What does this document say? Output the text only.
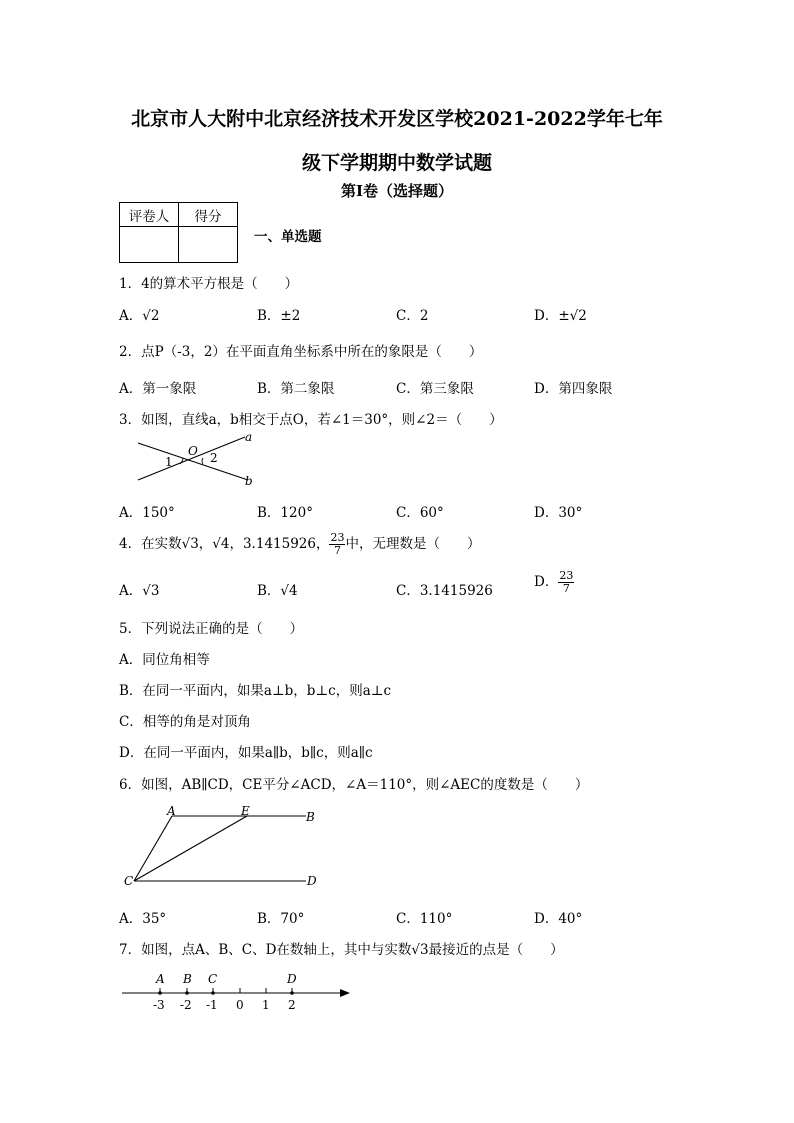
北京市人大附中北京经济技术开发区学校2021-2022学年七年
级下学期期中数学试题
第I卷（选择题）
评卷人	得分

一、单选题
1．4的算术平方根是（　　）
A．√2	B．±2	C．2	D．±√2
2．点P（-3，2）在平面直角坐标系中所在的象限是（　　）
A．第一象限	B．第二象限	C．第三象限	D．第四象限
3．如图，直线a，b相交于点O，若∠1＝30°，则∠2＝（　　）
O
a
b
1	2
A．150°	B．120°	C．60°	D．30°
4．在实数√3，√4，3.1415926， $\frac{23}{7}$ 中，无理数是（　　）
A．√3	B．√4	C．3.1415926
D． $\frac{23}{7}$
5．下列说法正确的是（　　）
A．同位角相等
B．在同一平面内，如果a⊥b，b⊥c，则a⊥c
C．相等的角是对顶角
D．在同一平面内，如果a∥b，b∥c，则a∥c
6．如图，AB∥CD，CE平分∠ACD，∠A＝110°，则∠AEC的度数是（　　）
A	E	B
C	D
A．35°	B．70°	C．110°	D．40°
7．如图，点A、B、C、D在数轴上，其中与实数√3最接近的点是（　　）
A B C	D
-3 -2 -1 0 1 2
